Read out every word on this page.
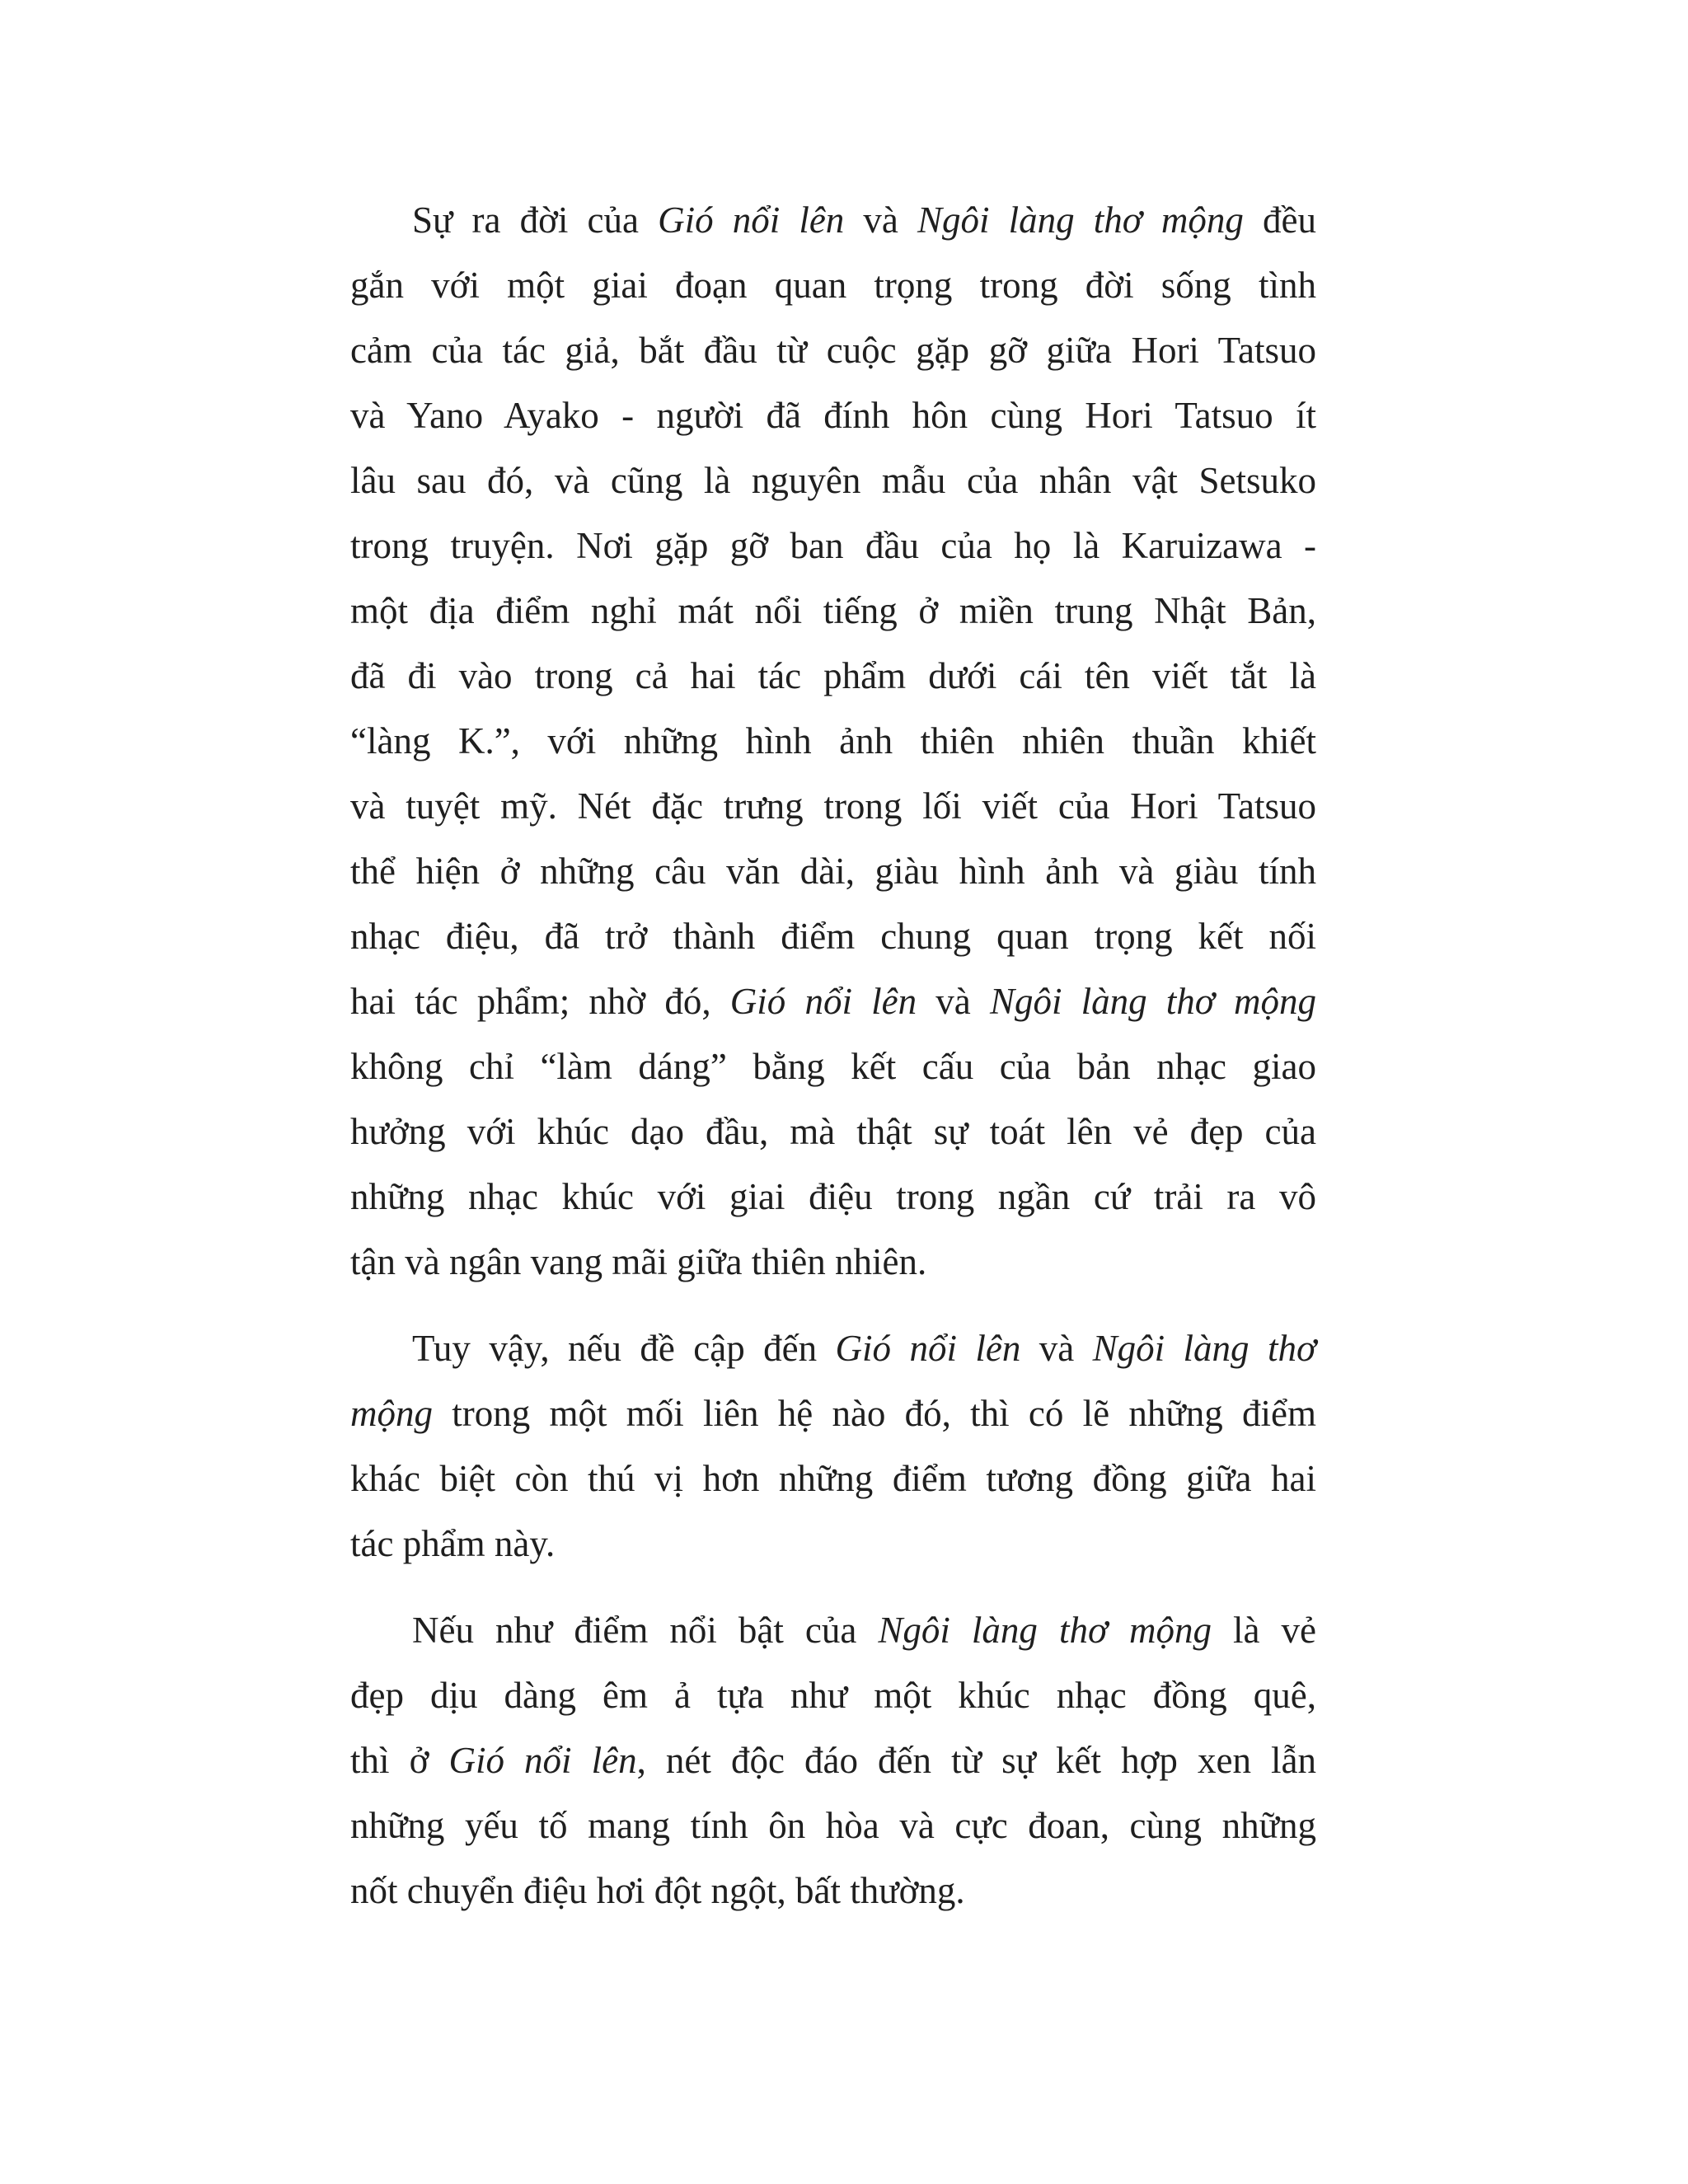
Sự ra đời của Gió nổi lên và Ngôi làng thơ mộng đều
gắn với một giai đoạn quan trọng trong đời sống tình
cảm của tác giả, bắt đầu từ cuộc gặp gỡ giữa Hori Tatsuo
và Yano Ayako - người đã đính hôn cùng Hori Tatsuo ít
lâu sau đó, và cũng là nguyên mẫu của nhân vật Setsuko
trong truyện. Nơi gặp gỡ ban đầu của họ là Karuizawa -
một địa điểm nghỉ mát nổi tiếng ở miền trung Nhật Bản,
đã đi vào trong cả hai tác phẩm dưới cái tên viết tắt là
“làng K.”, với những hình ảnh thiên nhiên thuần khiết
và tuyệt mỹ. Nét đặc trưng trong lối viết của Hori Tatsuo
thể hiện ở những câu văn dài, giàu hình ảnh và giàu tính
nhạc điệu, đã trở thành điểm chung quan trọng kết nối
hai tác phẩm; nhờ đó, Gió nổi lên và Ngôi làng thơ mộng
không chỉ “làm dáng” bằng kết cấu của bản nhạc giao
hưởng với khúc dạo đầu, mà thật sự toát lên vẻ đẹp của
những nhạc khúc với giai điệu trong ngần cứ trải ra vô
tận và ngân vang mãi giữa thiên nhiên.
Tuy vậy, nếu đề cập đến Gió nổi lên và Ngôi làng thơ
mộng trong một mối liên hệ nào đó, thì có lẽ những điểm
khác biệt còn thú vị hơn những điểm tương đồng giữa hai
tác phẩm này.
Nếu như điểm nổi bật của Ngôi làng thơ mộng là vẻ
đẹp dịu dàng êm ả tựa như một khúc nhạc đồng quê,
thì ở Gió nổi lên, nét độc đáo đến từ sự kết hợp xen lẫn
những yếu tố mang tính ôn hòa và cực đoan, cùng những
nốt chuyển điệu hơi đột ngột, bất thường.
